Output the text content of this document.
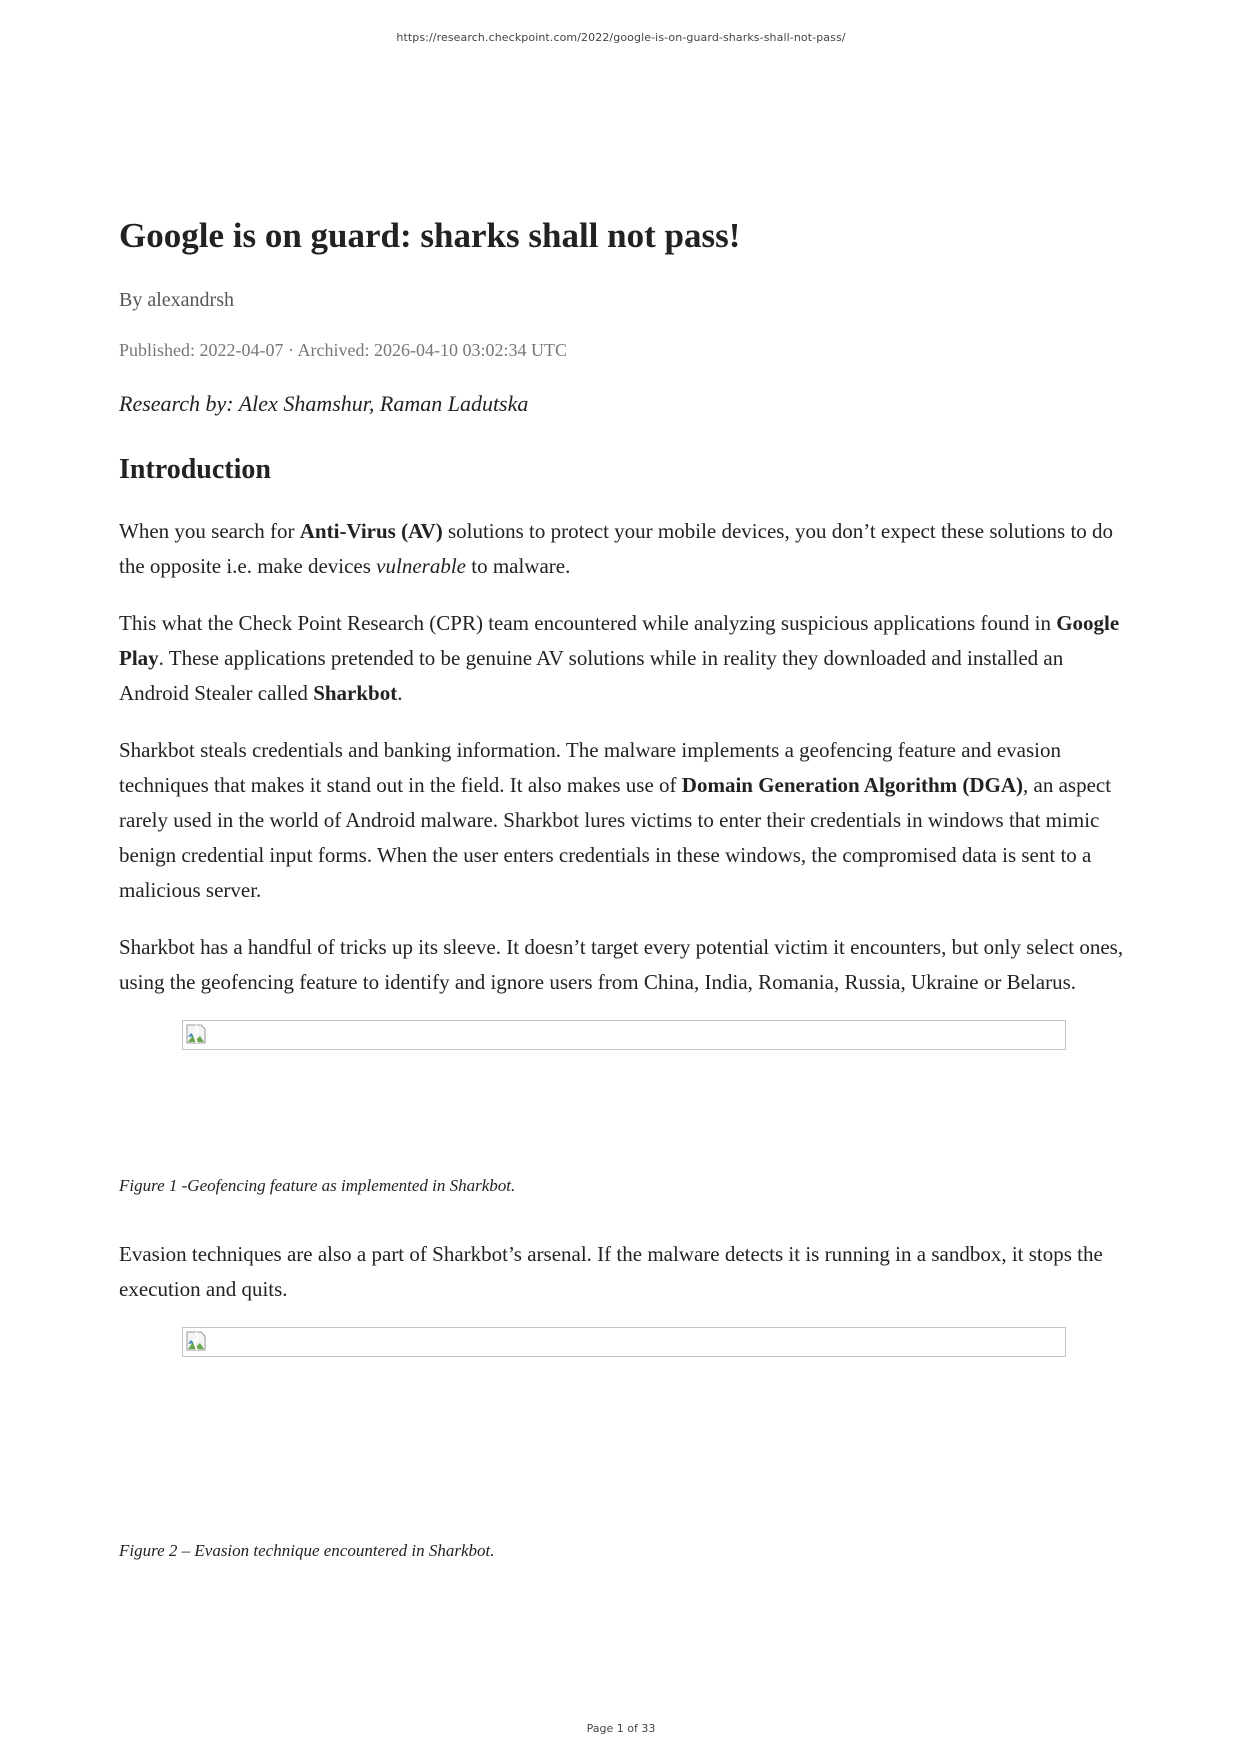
https://research.checkpoint.com/2022/google-is-on-guard-sharks-shall-not-pass/
Google is on guard: sharks shall not pass!
By alexandrsh
Published: 2022-04-07 · Archived: 2026-04-10 03:02:34 UTC
Research by: Alex Shamshur, Raman Ladutska
Introduction

When you search for Anti-Virus (AV) solutions to protect your mobile devices, you don’t expect these solutions to do the opposite i.e. make devices vulnerable to malware.

This what the Check Point Research (CPR) team encountered while analyzing suspicious applications found in Google Play. These applications pretended to be genuine AV solutions while in reality they downloaded and installed an Android Stealer called Sharkbot.

Sharkbot steals credentials and banking information. The malware implements a geofencing feature and evasion techniques that makes it stand out in the field. It also makes use of Domain Generation Algorithm (DGA), an aspect rarely used in the world of Android malware. Sharkbot lures victims to enter their credentials in windows that mimic benign credential input forms. When the user enters credentials in these windows, the compromised data is sent to a malicious server.

Sharkbot has a handful of tricks up its sleeve. It doesn’t target every potential victim it encounters, but only select ones, using the geofencing feature to identify and ignore users from China, India, Romania, Russia, Ukraine or Belarus.

Figure 1 -Geofencing feature as implemented in Sharkbot.

Evasion techniques are also a part of Sharkbot’s arsenal. If the malware detects it is running in a sandbox, it stops the execution and quits.

Figure 2 – Evasion technique encountered in Sharkbot.
Page 1 of 33
